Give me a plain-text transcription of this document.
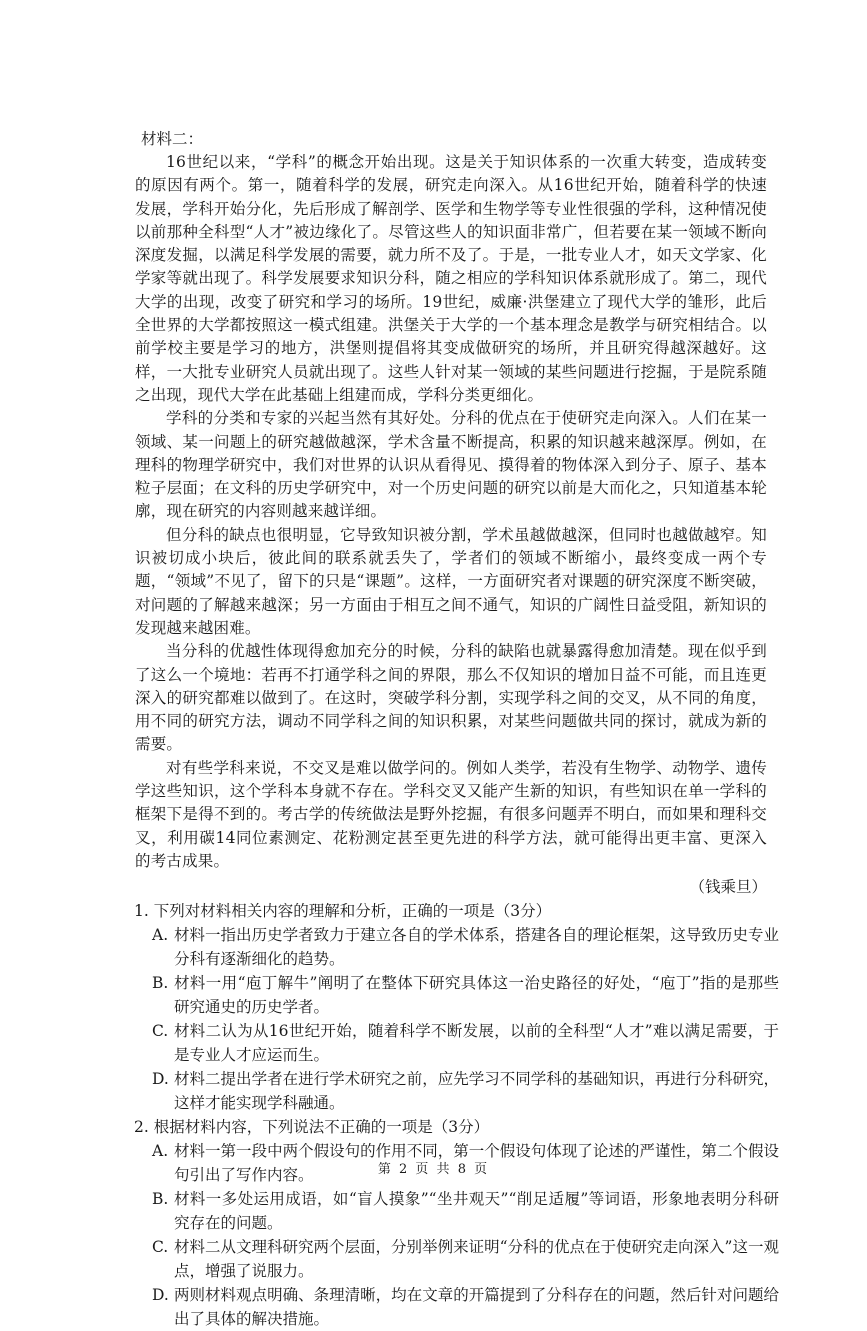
材料二：

16世纪以来，“学科”的概念开始出现。这是关于知识体系的一次重大转变，造成转变的原因有两个。第一，随着科学的发展，研究走向深入。从16世纪开始，随着科学的快速发展，学科开始分化，先后形成了解剖学、医学和生物学等专业性很强的学科，这种情况使以前那种全科型“人才”被边缘化了。尽管这些人的知识面非常广，但若要在某一领域不断向深度发掘，以满足科学发展的需要，就力所不及了。于是，一批专业人才，如天文学家、化学家等就出现了。科学发展要求知识分科，随之相应的学科知识体系就形成了。第二，现代大学的出现，改变了研究和学习的场所。19世纪，威廉·洪堡建立了现代大学的雏形，此后全世界的大学都按照这一模式组建。洪堡关于大学的一个基本理念是教学与研究相结合。以前学校主要是学习的地方，洪堡则提倡将其变成做研究的场所，并且研究得越深越好。这样，一大批专业研究人员就出现了。这些人针对某一领域的某些问题进行挖掘，于是院系随之出现，现代大学在此基础上组建而成，学科分类更细化。

学科的分类和专家的兴起当然有其好处。分科的优点在于使研究走向深入。人们在某一领域、某一问题上的研究越做越深，学术含量不断提高，积累的知识越来越深厚。例如，在理科的物理学研究中，我们对世界的认识从看得见、摸得着的物体深入到分子、原子、基本粒子层面；在文科的历史学研究中，对一个历史问题的研究以前是大而化之，只知道基本轮廓，现在研究的内容则越来越详细。

但分科的缺点也很明显，它导致知识被分割，学术虽越做越深，但同时也越做越窄。知识被切成小块后，彼此间的联系就丢失了，学者们的领域不断缩小，最终变成一两个专题，“领域”不见了，留下的只是“课题”。这样，一方面研究者对课题的研究深度不断突破，对问题的了解越来越深；另一方面由于相互之间不通气，知识的广阔性日益受阻，新知识的发现越来越困难。

当分科的优越性体现得愈加充分的时候，分科的缺陷也就暴露得愈加清楚。现在似乎到了这么一个境地：若再不打通学科之间的界限，那么不仅知识的增加日益不可能，而且连更深入的研究都难以做到了。在这时，突破学科分割，实现学科之间的交叉，从不同的角度，用不同的研究方法，调动不同学科之间的知识积累，对某些问题做共同的探讨，就成为新的需要。

对有些学科来说，不交叉是难以做学问的。例如人类学，若没有生物学、动物学、遗传学这些知识，这个学科本身就不存在。学科交叉又能产生新的知识，有些知识在单一学科的框架下是得不到的。考古学的传统做法是野外挖掘，有很多问题弄不明白，而如果和理科交叉，利用碳14同位素测定、花粉测定甚至更先进的科学方法，就可能得出更丰富、更深入的考古成果。

（钱乘旦）
1. 下列对材料相关内容的理解和分析，正确的一项是（3分）
A. 材料一指出历史学者致力于建立各自的学术体系，搭建各自的理论框架，这导致历史专业分科有逐渐细化的趋势。
B. 材料一用“庖丁解牛”阐明了在整体下研究具体这一治史路径的好处，“庖丁”指的是那些研究通史的历史学者。
C. 材料二认为从16世纪开始，随着科学不断发展，以前的全科型“人才”难以满足需要，于是专业人才应运而生。
D. 材料二提出学者在进行学术研究之前，应先学习不同学科的基础知识，再进行分科研究，这样才能实现学科融通。
2. 根据材料内容，下列说法不正确的一项是（3分）
A. 材料一第一段中两个假设句的作用不同，第一个假设句体现了论述的严谨性，第二个假设句引出了写作内容。
B. 材料一多处运用成语，如“盲人摸象”“坐井观天”“削足适履”等词语，形象地表明分科研究存在的问题。
C. 材料二从文理科研究两个层面，分别举例来证明“分科的优点在于使研究走向深入”这一观点，增强了说服力。
D. 两则材料观点明确、条理清晰，均在文章的开篇提到了分科存在的问题，然后针对问题给出了具体的解决措施。
第 2 页 共 8 页
